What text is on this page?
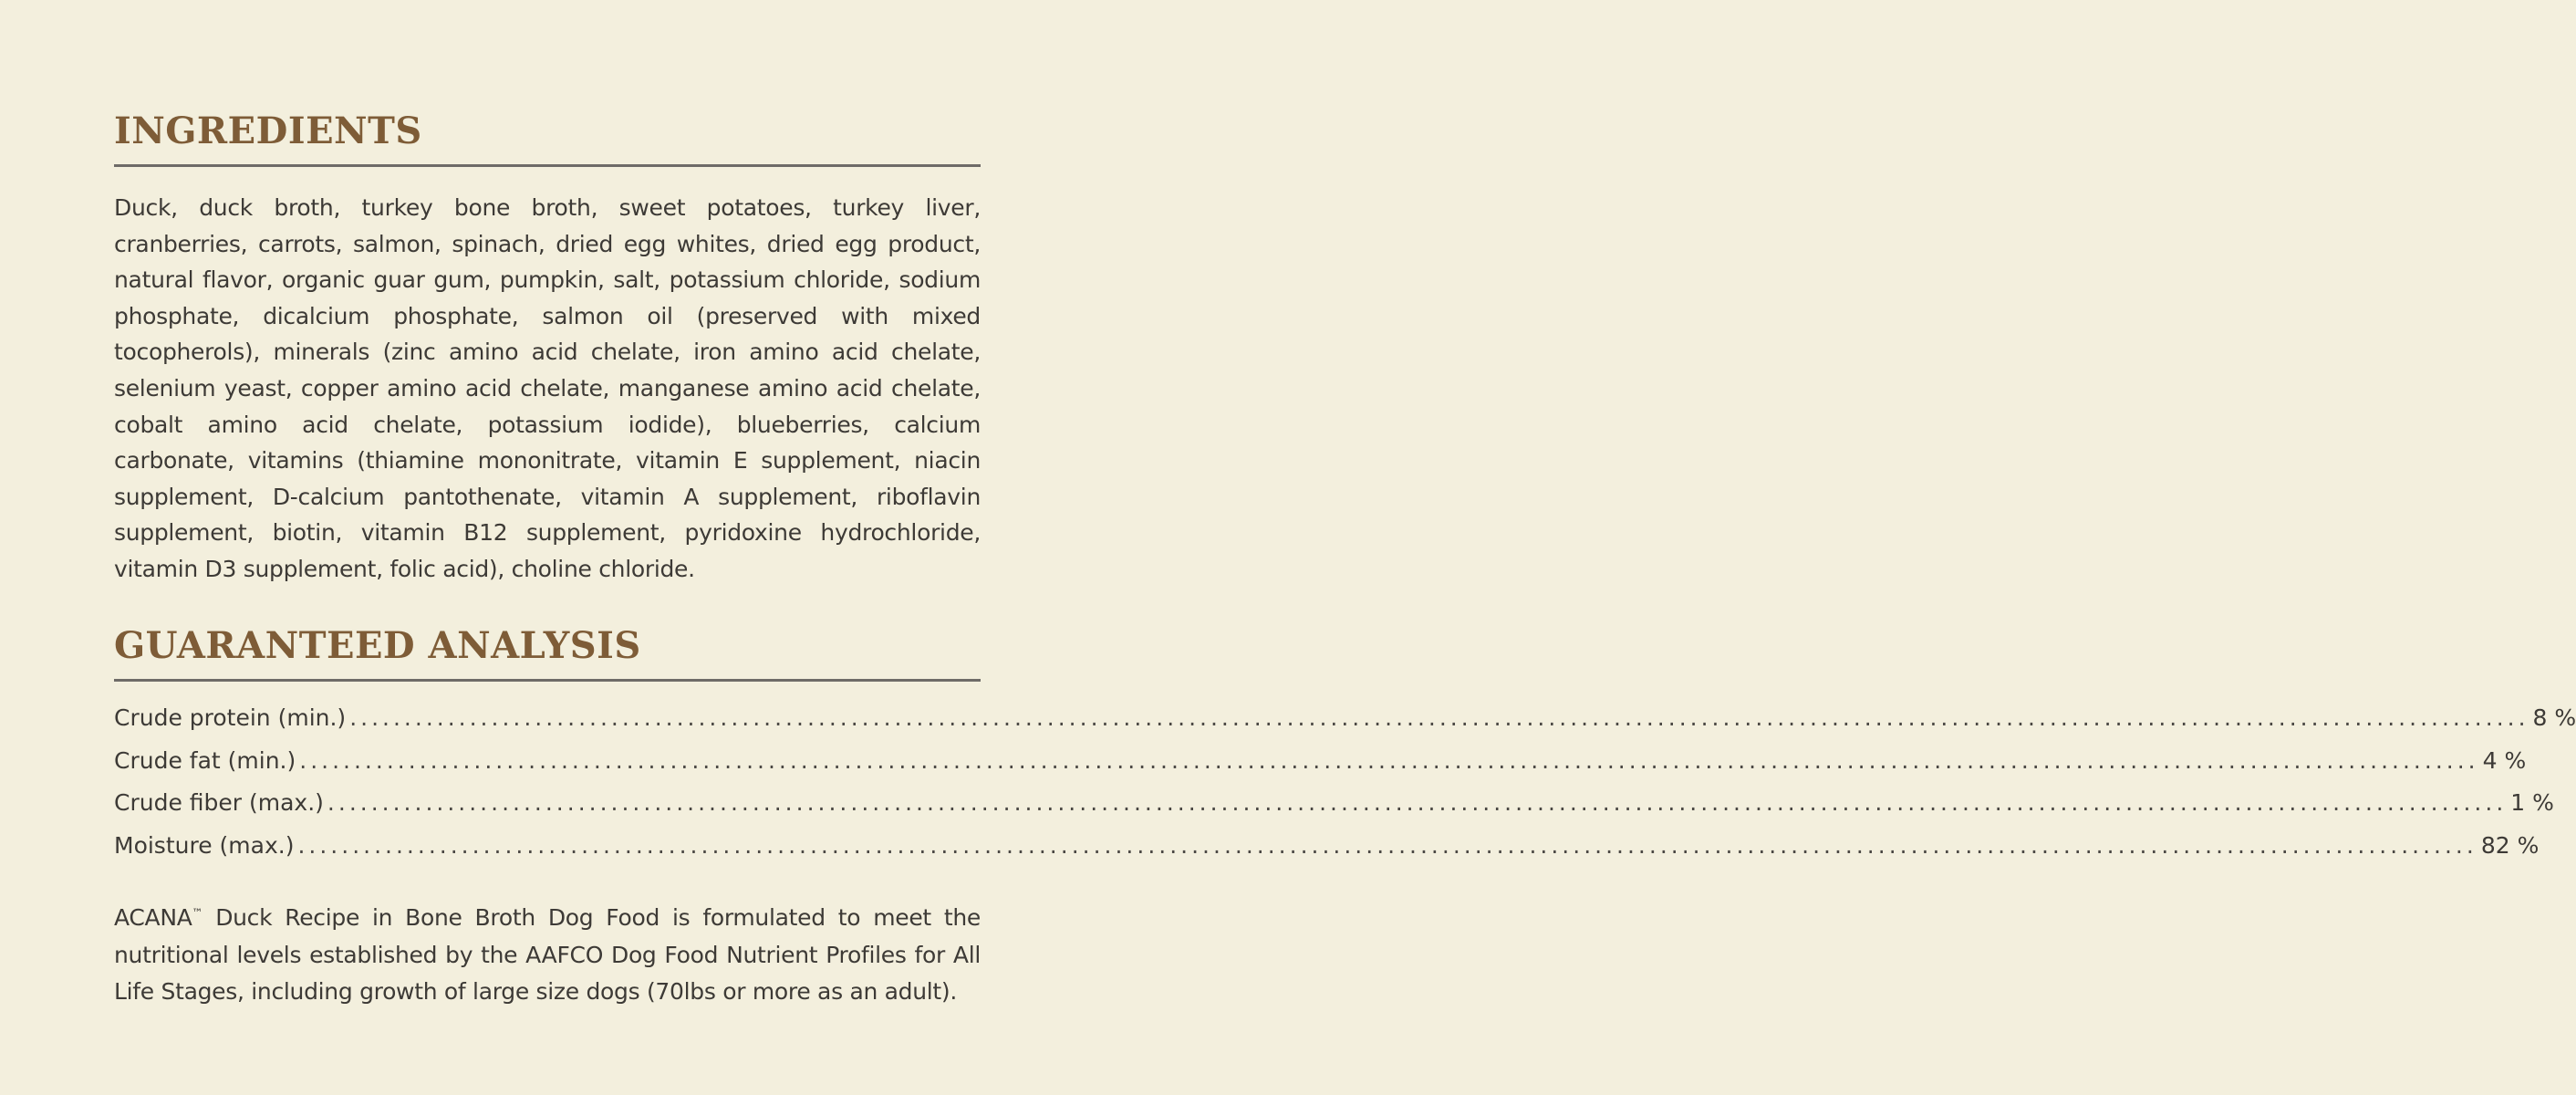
INGREDIENTS

Duck, duck broth, turkey bone broth, sweet potatoes, turkey liver, cranberries, carrots, salmon, spinach, dried egg whites, dried egg product, natural flavor, organic guar gum, pumpkin, salt, potassium chloride, sodium phosphate, dicalcium phosphate, salmon oil (preserved with mixed tocopherols), minerals (zinc amino acid chelate, iron amino acid chelate, selenium yeast, copper amino acid chelate, manganese amino acid chelate, cobalt amino acid chelate, potassium iodide), blueberries, calcium carbonate, vitamins (thiamine mononitrate, vitamin E supplement, niacin supplement, D-calcium pantothenate, vitamin A supplement, riboflavin supplement, biotin, vitamin B12 supplement, pyridoxine hydrochloride, vitamin D3 supplement, folic acid), choline chloride.

GUARANTEED ANALYSIS
Crude protein (min.) ........................................................................................................................................................................................................ 8 %
Crude fat (min.) ........................................................................................................................................................................................................ 4 %
Crude fiber (max.) ........................................................................................................................................................................................................ 1 %
Moisture (max.) ........................................................................................................................................................................................................ 82 %

ACANA™ Duck Recipe in Bone Broth Dog Food is formulated to meet the nutritional levels established by the AAFCO Dog Food Nutrient Profiles for All Life Stages, including growth of large size dogs (70lbs or more as an adult).
